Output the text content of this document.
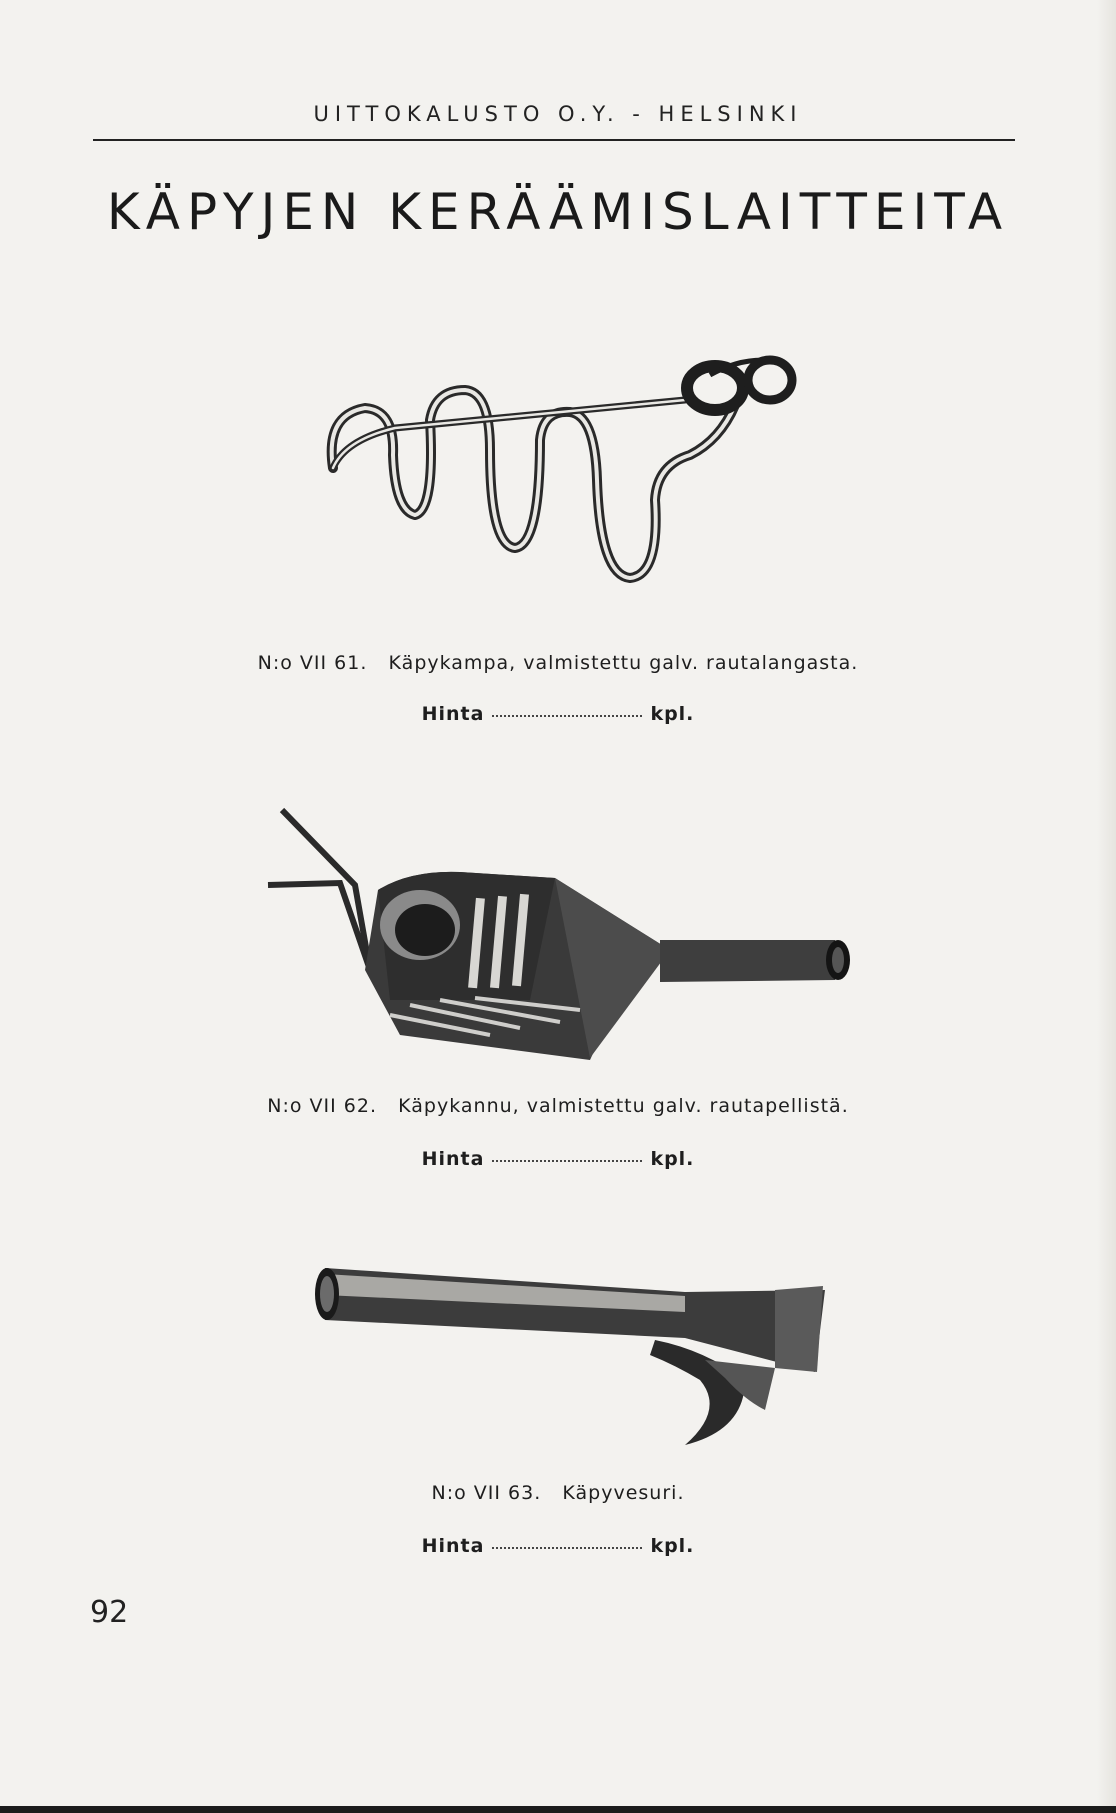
UITTOKALUSTO O.Y. - HELSINKI
KÄPYJEN KERÄÄMISLAITTEITA
N:o VII 61. Käpykampa, valmistettu galv. rautalangasta.
Hinta	kpl.
N:o VII 62. Käpykannu, valmistettu galv. rautapellistä.
Hinta	kpl.
N:o VII 63. Käpyvesuri.
Hinta	kpl.
92
